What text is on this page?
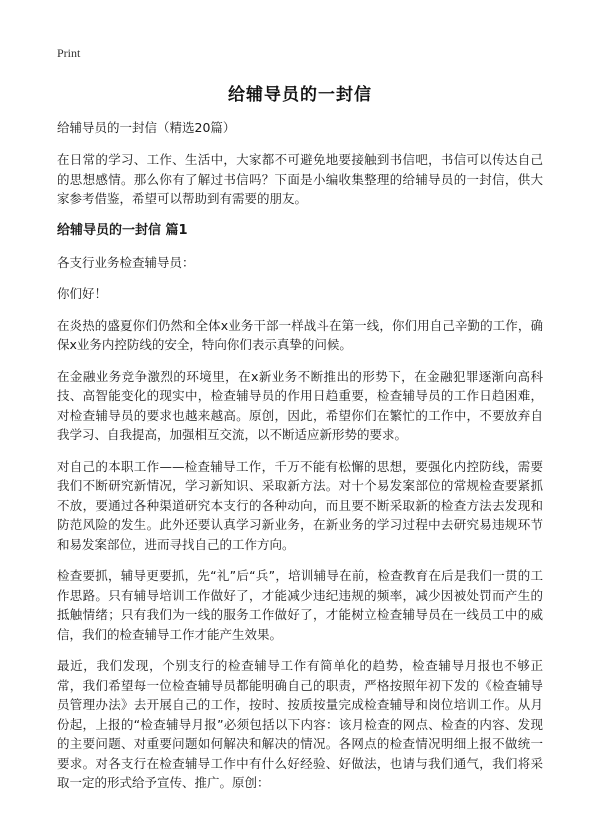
Print
给辅导员的一封信

给辅导员的一封信（精选20篇）

在日常的学习、工作、生活中，大家都不可避免地要接触到书信吧，书信可以传达自己的思想感情。那么你有了解过书信吗？下面是小编收集整理的给辅导员的一封信，供大家参考借鉴，希望可以帮助到有需要的朋友。

给辅导员的一封信 篇1

各支行业务检查辅导员：

你们好！

在炎热的盛夏你们仍然和全体x业务干部一样战斗在第一线，你们用自己辛勤的工作，确保x业务内控防线的安全，特向你们表示真挚的问候。

在金融业务竞争激烈的环境里，在x新业务不断推出的形势下，在金融犯罪逐渐向高科技、高智能变化的现实中，检查辅导员的作用日趋重要，检查辅导员的工作日趋困难，对检查辅导员的要求也越来越高。原创，因此，希望你们在繁忙的工作中，不要放弃自我学习、自我提高，加强相互交流，以不断适应新形势的要求。

对自己的本职工作——检查辅导工作，千万不能有松懈的思想，要强化内控防线，需要我们不断研究新情况，学习新知识、采取新方法。对十个易发案部位的常规检查要紧抓不放，要通过各种渠道研究本支行的各种动向，而且要不断采取新的检查方法去发现和防范风险的发生。此外还要认真学习新业务，在新业务的学习过程中去研究易违规环节和易发案部位，进而寻找自己的工作方向。

检查要抓，辅导更要抓，先“礼”后“兵”，培训辅导在前，检查教育在后是我们一贯的工作思路。只有辅导培训工作做好了，才能减少违纪违规的频率，减少因被处罚而产生的抵触情绪；只有我们为一线的服务工作做好了，才能树立检查辅导员在一线员工中的威信，我们的检查辅导工作才能产生效果。

最近，我们发现，个别支行的检查辅导工作有简单化的趋势，检查辅导月报也不够正常，我们希望每一位检查辅导员都能明确自己的职责，严格按照年初下发的《检查辅导员管理办法》去开展自己的工作，按时、按质按量完成检查辅导和岗位培训工作。从月份起，上报的“检查辅导月报”必须包括以下内容：该月检查的网点、检查的内容、发现的主要问题、对重要问题如何解决和解决的情况。各网点的检查情况明细上报不做统一要求。对各支行在检查辅导工作中有什么好经验、好做法，也请与我们通气，我们将采取一定的形式给予宣传、推广。原创：
